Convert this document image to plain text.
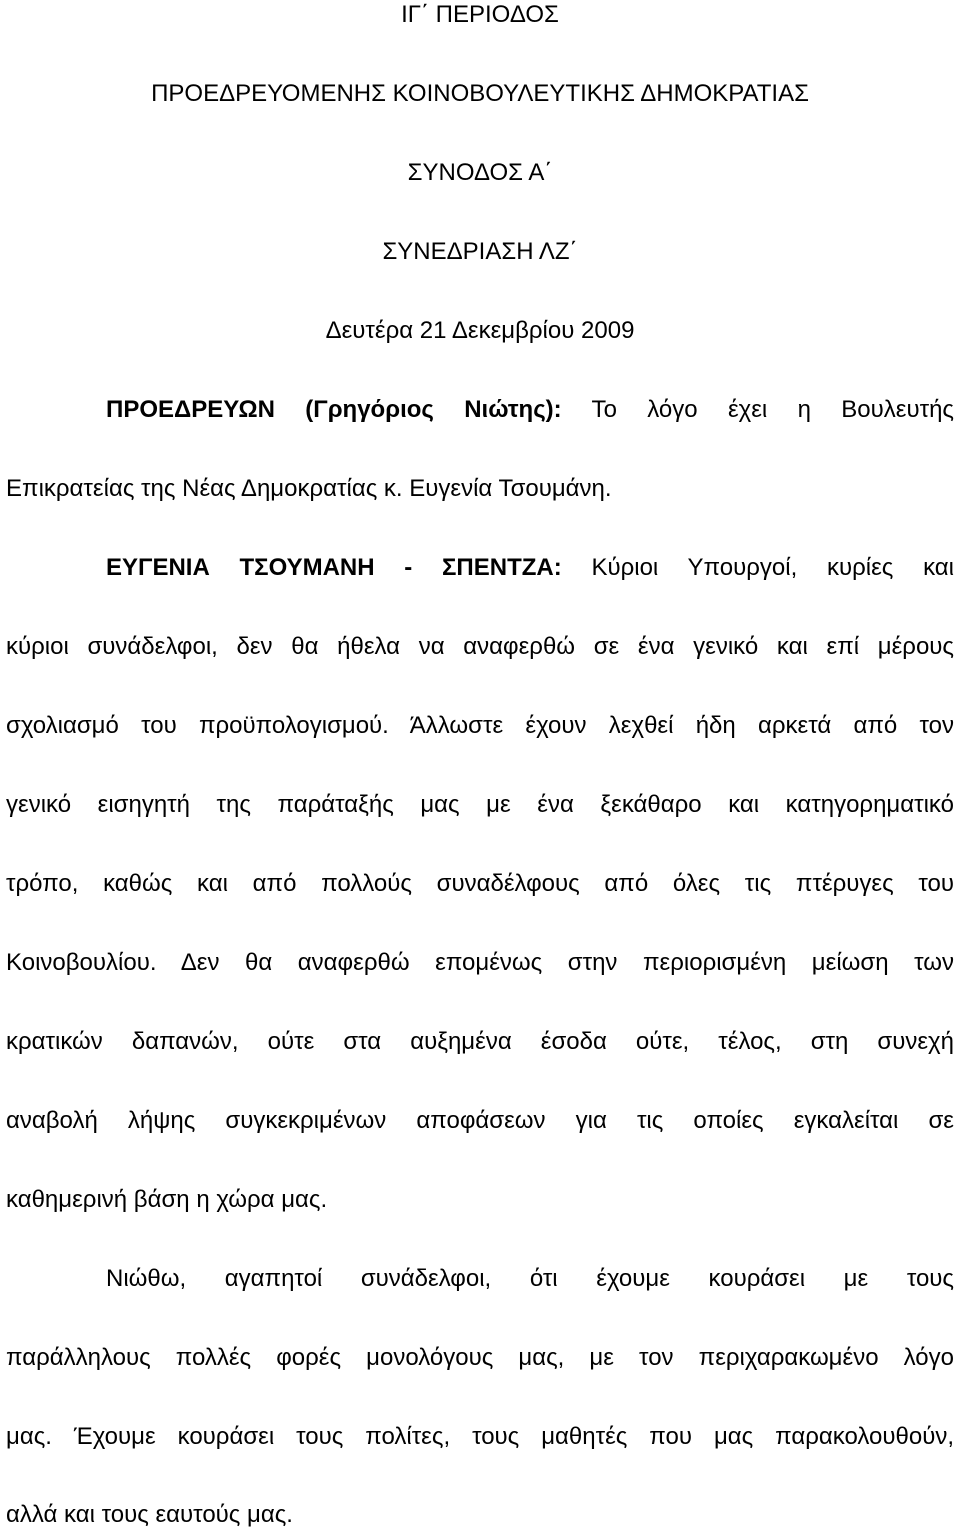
ΙΓ΄ ΠΕΡΙΟΔΟΣ
ΠΡΟΕΔΡΕΥΟΜΕΝΗΣ ΚΟΙΝΟΒΟΥΛΕΥΤΙΚΗΣ ΔΗΜΟΚΡΑΤΙΑΣ
ΣΥΝΟΔΟΣ Α΄
ΣΥΝΕΔΡΙΑΣΗ ΛΖ΄
Δευτέρα 21 Δεκεμβρίου 2009
ΠΡΟΕΔΡΕΥΩΝ (Γρηγόριος Νιώτης): Το λόγο έχει η Βουλευτής
Επικρατείας της Νέας Δημοκρατίας κ. Ευγενία Τσουμάνη.
ΕΥΓΕΝΙΑ ΤΣΟΥΜΑΝΗ - ΣΠΕΝΤΖΑ: Κύριοι Υπουργοί, κυρίες και
κύριοι συνάδελφοι, δεν θα ήθελα να αναφερθώ σε ένα γενικό και επί μέρους
σχολιασμό του προϋπολογισμού. Άλλωστε έχουν λεχθεί ήδη αρκετά από τον
γενικό εισηγητή της παράταξής μας με ένα ξεκάθαρο και κατηγορηματικό
τρόπο, καθώς και από πολλούς συναδέλφους από όλες τις πτέρυγες του
Κοινοβουλίου. Δεν θα αναφερθώ επομένως στην περιορισμένη μείωση των
κρατικών δαπανών, ούτε στα αυξημένα έσοδα ούτε, τέλος, στη συνεχή
αναβολή λήψης συγκεκριμένων αποφάσεων για τις οποίες εγκαλείται σε
καθημερινή βάση η χώρα μας.
Νιώθω, αγαπητοί συνάδελφοι, ότι έχουμε κουράσει με τους
παράλληλους πολλές φορές μονολόγους μας, με τον περιχαρακωμένο λόγο
μας. Έχουμε κουράσει τους πολίτες, τους μαθητές που μας παρακολουθούν,
αλλά και τους εαυτούς μας.
